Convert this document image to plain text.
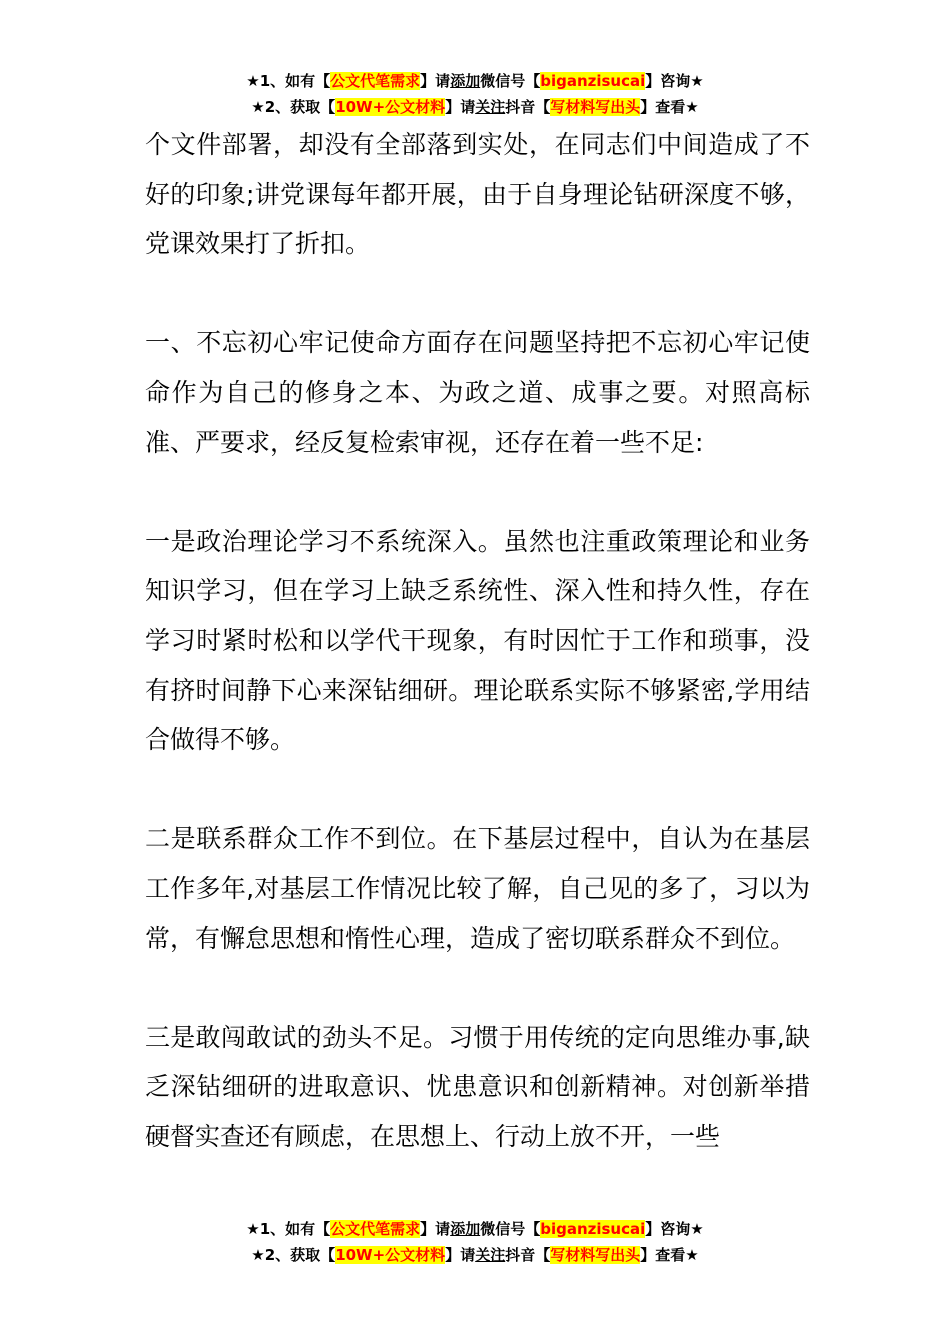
★1、如有【公文代笔需求】请添加微信号【biganzisucai】咨询★
★2、获取【10W+公文材料】请关注抖音【写材料写出头】查看★

个文件部署，却没有全部落到实处，在同志们中间造成了不好的印象;讲党课每年都开展，由于自身理论钻研深度不够，党课效果打了折扣。

一、不忘初心牢记使命方面存在问题坚持把不忘初心牢记使命作为自己的修身之本、为政之道、成事之要。对照高标准、严要求，经反复检索审视，还存在着一些不足:

一是政治理论学习不系统深入。虽然也注重政策理论和业务知识学习，但在学习上缺乏系统性、深入性和持久性，存在学习时紧时松和以学代干现象，有时因忙于工作和琐事，没有挤时间静下心来深钻细研。理论联系实际不够紧密,学用结合做得不够。

二是联系群众工作不到位。在下基层过程中，自认为在基层工作多年,对基层工作情况比较了解，自己见的多了，习以为常，有懈怠思想和惰性心理，造成了密切联系群众不到位。

三是敢闯敢试的劲头不足。习惯于用传统的定向思维办事,缺乏深钻细研的进取意识、忧患意识和创新精神。对创新举措硬督实查还有顾虑，在思想上、行动上放不开，一些

★1、如有【公文代笔需求】请添加微信号【biganzisucai】咨询★
★2、获取【10W+公文材料】请关注抖音【写材料写出头】查看★
